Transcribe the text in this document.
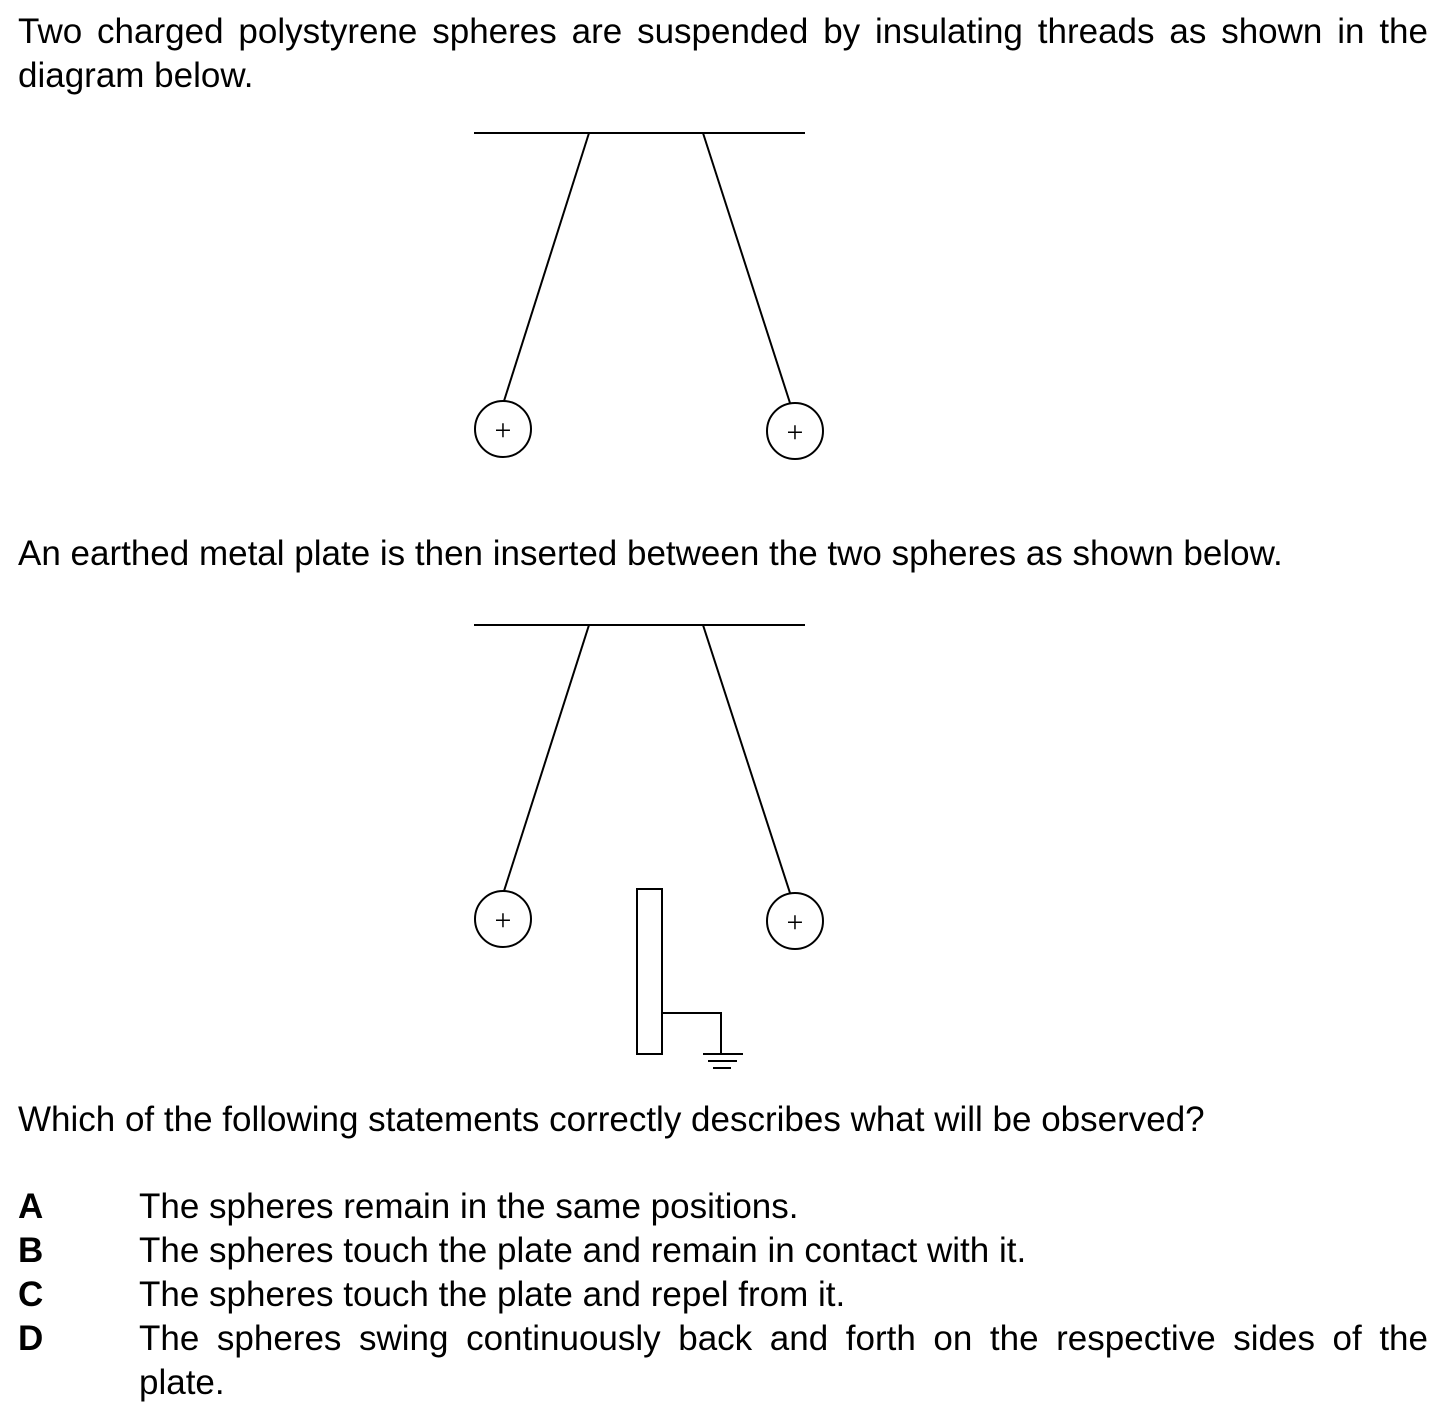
Two charged polystyrene spheres are suspended by insulating threads as shown in the diagram below.

+	+

An earthed metal plate is then inserted between the two spheres as shown below.

+	+

Which of the following statements correctly describes what will be observed?

A	The spheres remain in the same positions.
B	The spheres touch the plate and remain in contact with it.
C	The spheres touch the plate and repel from it.
D	The spheres swing continuously back and forth on the respective sides of the plate.
